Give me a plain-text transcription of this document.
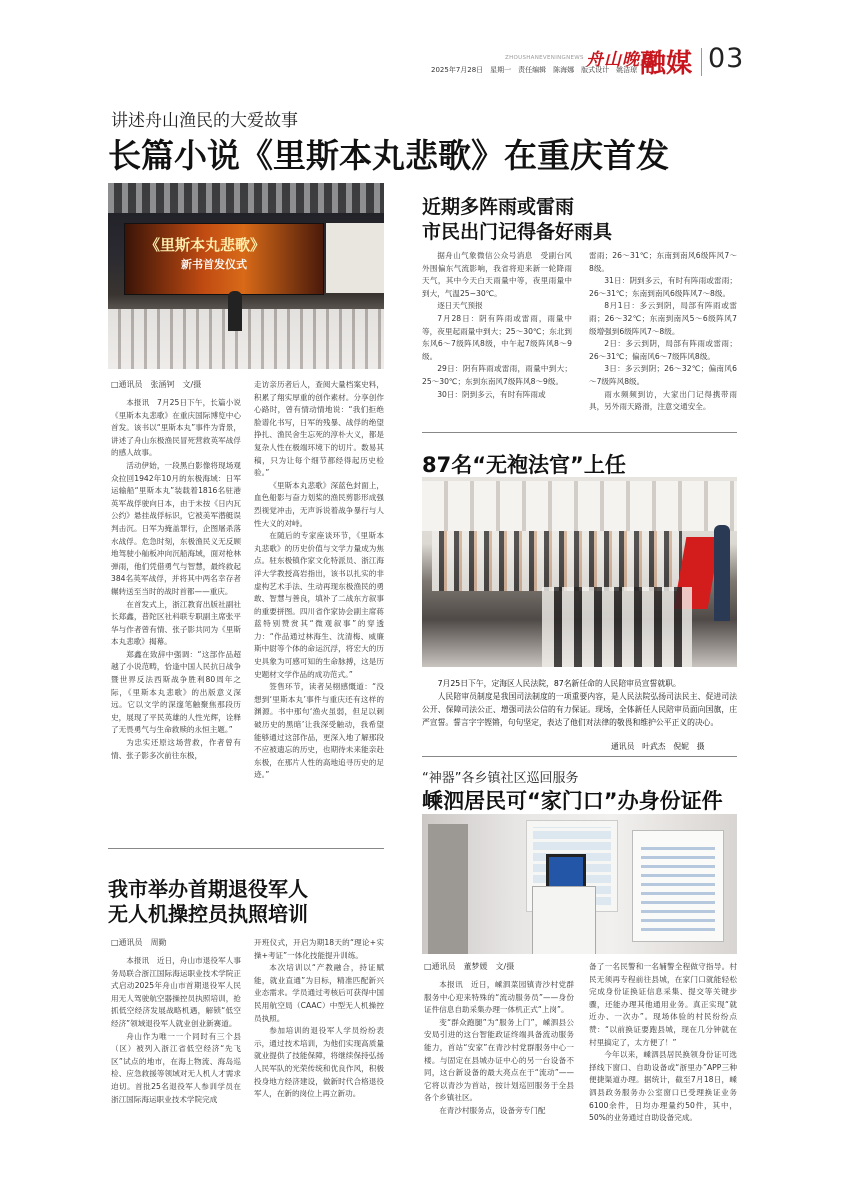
ZHOUSHANEVENINGNEWS 舟山晚报
2025年7月28日　星期一　责任编辑　陈海娜　版式设计　姚洁琼 融媒 03
讲述舟山渔民的大爱故事
长篇小说《里斯本丸悲歌》在重庆首发
《里斯本丸悲歌》
新书首发仪式
□通讯员　张涵钶　文/摄

本报讯　7月25日下午，长篇小说《里斯本丸悲歌》在重庆国际博览中心首发。该书以“里斯本丸”事件为背景，讲述了舟山东极渔民冒死营救英军战俘的感人故事。

活动伊始，一段黑白影像将现场观众拉回1942年10月的东极海域：日军运输船“里斯本丸”装载着1816名驻港英军战俘驶向日本，由于未按《日内瓦公约》悬挂战俘标识，它被美军潜艇误判击沉。日军为掩盖罪行，企图屠杀落水战俘。危急时刻，东极渔民义无反顾地驾驶小舢板冲向沉船海域，面对枪林弹雨，他们凭借勇气与智慧，最终救起384名英军战俘，并将其中两名幸存者辗转送至当时的战时首都——重庆。

在首发式上，浙江教育出版社副社长郑鑫，普陀区社科联专职副主席张平华与作者曾有情、张子影共同为《里斯本丸悲歌》揭幕。

郑鑫在致辞中强调：“这部作品超越了小说范畴，恰逢中国人民抗日战争暨世界反法西斯战争胜利80周年之际，《里斯本丸悲歌》的出版意义深远。它以文学的深邃笔触聚焦那段历史，展现了平民英雄的人性光辉，诠释了无畏勇气与生命救赎的永恒主题。”

为忠实还原这场营救，作者曾有情、张子影多次前往东极，

走访亲历者后人，查阅大量档案史料，积累了翔实厚重的创作素材。分享创作心路时，曾有情动情地说：“我们拒绝脸谱化书写，日军的残暴、战俘的绝望挣扎、渔民舍生忘死的淳朴大义，都是复杂人性在极端环境下的切片。数易其稿，只为让每个细节都经得起历史检验。”

《里斯本丸悲歌》深蓝色封面上，血色船影与奋力划桨的渔民剪影形成强烈视觉冲击，无声诉说着战争暴行与人性大义的对峙。

在随后的专家座谈环节，《里斯本丸悲歌》的历史价值与文学力量成为焦点。驻东极镇作家文化特派员、浙江海洋大学教授高岩指出，该书以扎实的非虚构艺术手法、生动再现东极渔民的勇敢、智慧与善良，填补了二战东方叙事的重要拼图。四川省作家协会副主席蒋蓝特别赞赏其“微观叙事”的穿透力：“作品通过林海生、沈清梅、威廉斯中尉等个体的命运沉浮，将宏大的历史具象为可感可知的生命脉搏，这是历史题材文学作品的成功范式。”

签售环节，读者吴栩感慨道：“没想到‘里斯本丸’事件与重庆还有这样的渊源。书中那句‘渔火虽弱，但足以刺破历史的黑暗’让我深受触动，我希望能够通过这部作品，更深入地了解那段不应被遗忘的历史，也期待未来能亲赴东极，在那片人性的高地追寻历史的足迹。”

我市举办首期退役军人
无人机操控员执照培训
□通讯员　周勤

本报讯　近日，舟山市退役军人事务局联合浙江国际海运职业技术学院正式启动2025年舟山市首期退役军人民用无人驾驶航空器操控员执照培训，抢抓低空经济发展战略机遇，解锁“低空经济”领域退役军人就业创业新赛道。

舟山作为唯一一个同时有三个县（区）被列入浙江省低空经济“先飞区”试点的地市，在海上物流、海岛巡检、应急救援等领域对无人机人才需求迫切。首批25名退役军人参训学员在浙江国际海运职业技术学院完成

开班仪式，开启为期18天的“理论+实操+考证”一体化技能提升训练。

本次培训以“产教融合，持证赋能，就业直通”为目标，精准匹配新兴业态需求。学员通过考核后可获得中国民用航空局（CAAC）中型无人机操控员执照。

参加培训的退役军人学员纷纷表示，通过技术培训，为他们实现高质量就业提供了技能保障，将继续保持弘扬人民军队的光荣传统和优良作风，积极投身地方经济建设，做新时代合格退役军人，在新的岗位上再立新功。

近期多阵雨或雷雨
市民出门记得备好雨具

据舟山气象微信公众号消息　受副台风外围偏东气流影响，我省将迎来新一轮降雨天气，其中今天白天雨量中等，夜里雨量中到大，气温25~30℃。

逐日天气预报

7月28日：阴有阵雨或雷雨，雨量中等，夜里起雨量中到大；25～30℃；东北到东风6～7级阵风8级，中午起7级阵风8～9级。

29日：阴有阵雨或雷雨，雨量中到大；25～30℃；东到东南风7级阵风8～9级。

30日：阴到多云，有时有阵雨或

雷雨；26～31℃；东南到南风6级阵风7～8级。

31日：阴到多云，有时有阵雨或雷雨；26～31℃；东南到南风6级阵风7～8级。

8月1日：多云到阴，局部有阵雨或雷雨；26～32℃；东南到南风5～6级阵风7级增强到6级阵风7～8级。

2日：多云到阴，局部有阵雨或雷雨；26～31℃；偏南风6～7级阵风8级。

3日：多云到阴；26～32℃；偏南风6～7级阵风8级。

雨水频频到访，大家出门记得携带雨具，另外雨天路滑，注意交通安全。

87名“无袍法官”上任

7月25日下午，定海区人民法院，87名新任命的人民陪审员宣誓就职。

人民陪审员制度是我国司法制度的一项重要内容，是人民法院弘扬司法民主、促进司法公开、保障司法公正、增强司法公信的有力保证。现场，全体新任人民陪审员面向国旗，庄严宣誓。誓言字字铿锵，句句坚定，表达了他们对法律的敬畏和维护公平正义的决心。

通讯员　叶武杰　倪妮　摄
“神器”各乡镇社区巡回服务
嵊泗居民可“家门口”办身份证件
□通讯员　董梦媛　文/摄

本报讯　近日，嵊泗菜园镇青沙村党群服务中心迎来特殊的“流动服务员”——身份证件信息自助采集办理一体机正式“上岗”。

变“群众跑腿”为“服务上门”，嵊泗县公安局引进的这台智能政证终端具备流动服务能力，首站“安家”在青沙村党群服务中心一楼。与固定在县城办证中心的另一台设备不同，这台新设备的最大亮点在于“流动”——它将以青沙为首站，按计划巡回服务于全县各个乡镇社区。

在青沙村服务点，设备旁专门配

备了一名民警和一名辅警全程做守指导。村民无须再专程前往县城，在家门口就能轻松完成身份证换证信息采集、提交等关键步骤，还能办理其他通用业务。真正实现“就近办、一次办”。现场体验的村民纷纷点赞：“以前换证要跑县城，现在几分钟就在村里搞定了，太方便了！”

今年以来，嵊泗县居民换领身份证可选择线下窗口、自助设备或“浙里办”APP三种便捷渠道办理。据统计，截至7月18日，嵊泗县政务服务办公室窗口已受理换证业务6100余件，日均办理量约50件，其中，50%的业务通过自助设备完成。
